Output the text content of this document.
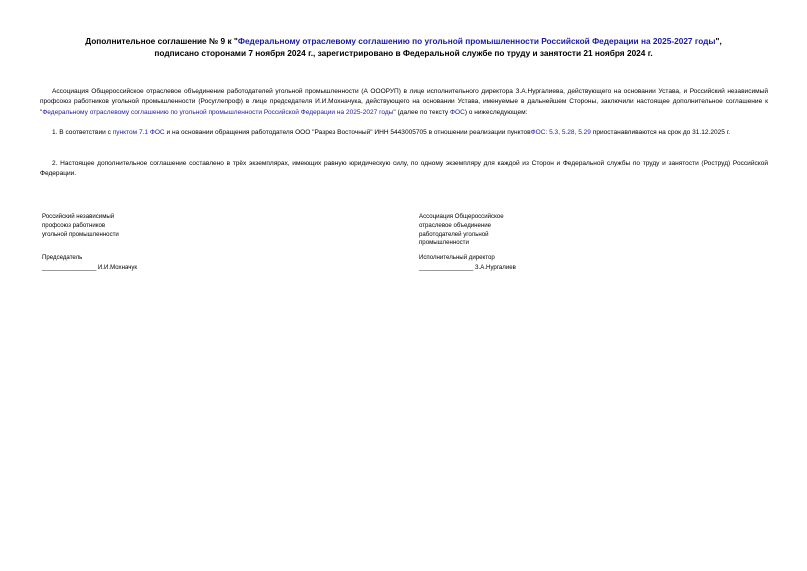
Дополнительное соглашение № 9 к "Федеральному отраслевому соглашению по угольной промышленности Российской Федерации на 2025-2027 годы",
подписано сторонами 7 ноября 2024 г., зарегистрировано в Федеральной службе по труду и занятости 21 ноября 2024 г.
Ассоциация Общероссийское отраслевое объединение работодателей угольной промышленности (А ОООРУП) в лице исполнительного директора З.А.Нургалиева, действующего на основании Устава, и Российский независимый профсоюз работников угольной промышленности (Росуглепроф) в лице председателя И.И.Мохначука, действующего на основании Устава, именуемые в дальнейшем Стороны, заключили настоящее дополнительное соглашение к "Федеральному отраслевому соглашению по угольной промышленности Российской Федерации на 2025-2027 годы" (далее по тексту ФОС) о нижеследующем:
1. В соответствии с пунктом 7.1 ФОС и на основании обращения работодателя ООО "Разрез Восточный" ИНН 5443005705 в отношении реализации пунктовФОС: 5.3, 5.28, 5.29 приостанавливаются на срок до 31.12.2025 г.
2. Настоящее дополнительное соглашение составлено в трёх экземплярах, имеющих равную юридическую силу, по одному экземпляру для каждой из Сторон и Федеральной службы по труду и занятости (Роструд) Российской Федерации.
Российский независимый
профсоюз работников
угольной промышленности
Председатель
________________ И.И.Мохначук
Ассоциация Общероссийское
отраслевое объединение
работодателей угольной
промышленности
Исполнительный директор
________________ З.А.Нургалиев
